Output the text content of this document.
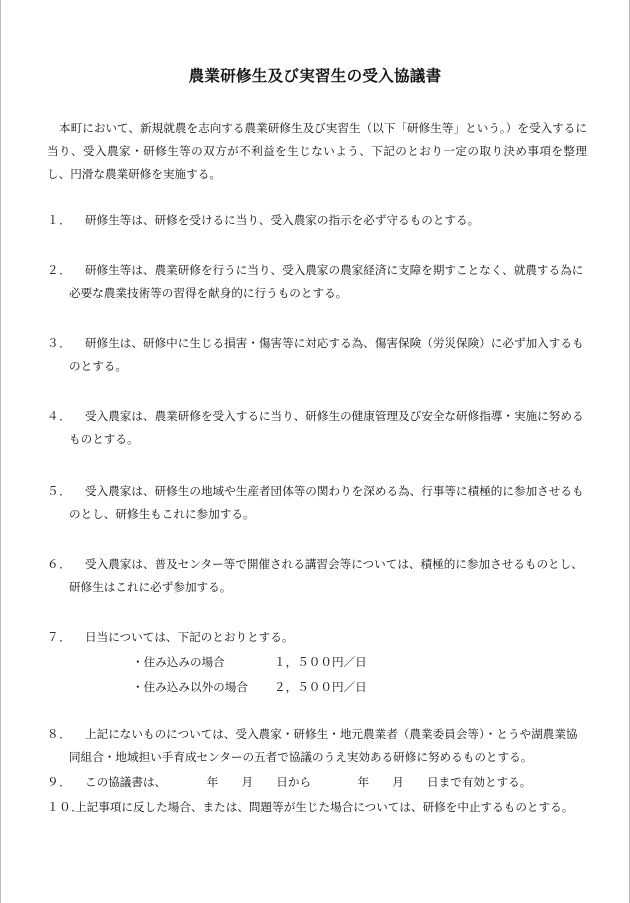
農業研修生及び実習生の受入協議書

本町において、新規就農を志向する農業研修生及び実習生（以下「研修生等」という。）を受入するに当り、受入農家・研修生等の双方が不利益を生じないよう、下記のとおり一定の取り決め事項を整理し、円滑な農業研修を実施する。

１．	研修生等は、研修を受けるに当り、受入農家の指示を必ず守るものとする。
２．	研修生等は、農業研修を行うに当り、受入農家の農家経済に支障を期すことなく、就農する為に必要な農業技術等の習得を献身的に行うものとする。
３．	研修生は、研修中に生じる損害・傷害等に対応する為、傷害保険（労災保険）に必ず加入するものとする。
４．	受入農家は、農業研修を受入するに当り、研修生の健康管理及び安全な研修指導・実施に努めるものとする。
５．	受入農家は、研修生の地域や生産者団体等の関わりを深める為、行事等に積極的に参加させるものとし、研修生もこれに参加する。
６．	受入農家は、普及センター等で開催される講習会等については、積極的に参加させるものとし、研修生はこれに必ず参加する。
７．	日当については、下記のとおりとする。
・住み込みの場合	１，５００円／日
・住み込み以外の場合	２，５００円／日
８．	上記にないものについては、受入農家・研修生・地元農業者（農業委員会等）・とうや湖農業協同組合・地域担い手育成センターの五者で協議のうえ実効ある研修に努めるものとする。
９．	この協議書は、　　　　年　　月　　日から　　　　年　　月　　日まで有効とする。
１０．
上記事項に反した場合、または、問題等が生じた場合については、研修を中止するものとする。
